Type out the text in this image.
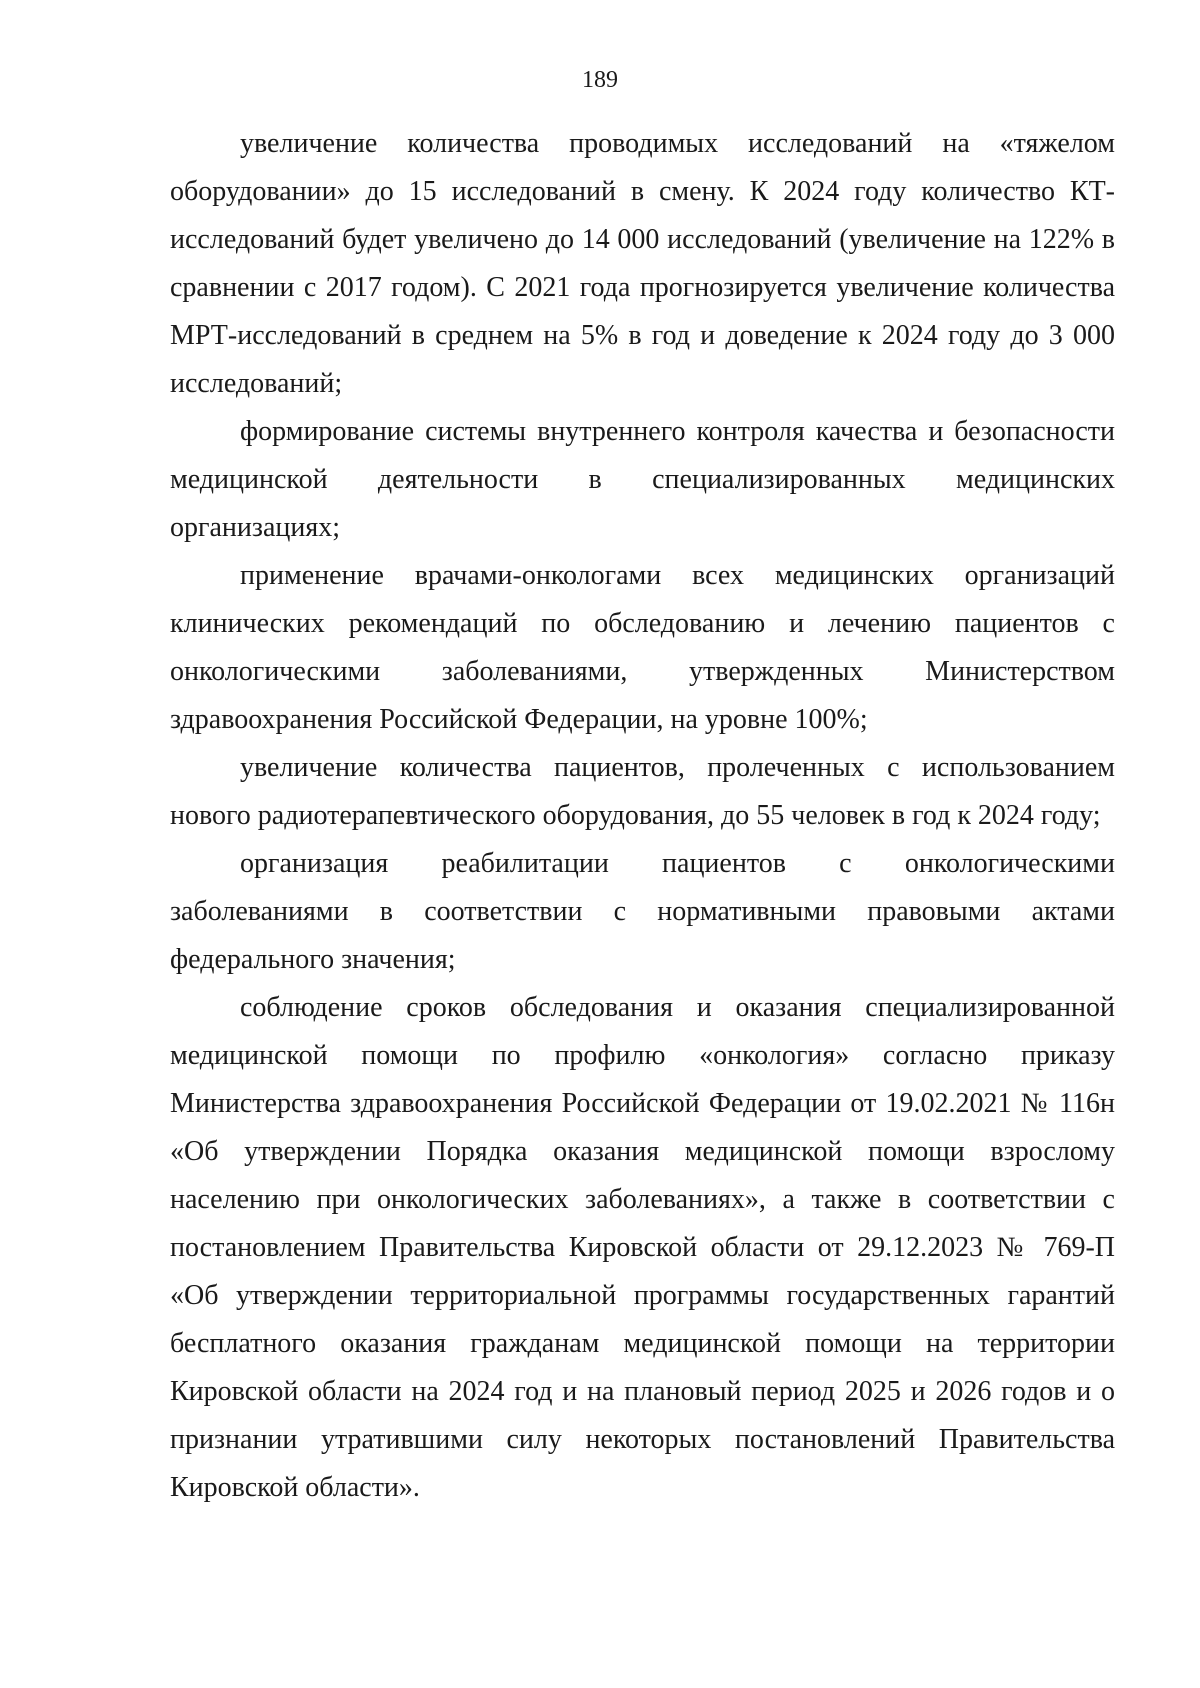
189

увеличение количества проводимых исследований на «тяжелом оборудовании» до 15 исследований в смену. К 2024 году количество КТ-исследований будет увеличено до 14 000 исследований (увеличение на 122% в сравнении с 2017 годом). С 2021 года прогнозируется увеличение количества МРТ-исследований в среднем на 5% в год и доведение к 2024 году до 3 000 исследований;

формирование системы внутреннего контроля качества и безопасности медицинской деятельности в специализированных медицинских организациях;

применение врачами-онкологами всех медицинских организаций клинических рекомендаций по обследованию и лечению пациентов с онкологическими заболеваниями, утвержденных Министерством здравоохранения Российской Федерации, на уровне 100%;

увеличение количества пациентов, пролеченных с использованием нового радиотерапевтического оборудования, до 55 человек в год к 2024 году;

организация реабилитации пациентов с онкологическими заболеваниями в соответствии с нормативными правовыми актами федерального значения;

соблюдение сроков обследования и оказания специализированной медицинской помощи по профилю «онкология» согласно приказу Министерства здравоохранения Российской Федерации от 19.02.2021 № 116н «Об утверждении Порядка оказания медицинской помощи взрослому населению при онкологических заболеваниях», а также в соответствии с постановлением Правительства Кировской области от 29.12.2023 № 769-П «Об утверждении территориальной программы государственных гарантий бесплатного оказания гражданам медицинской помощи на территории Кировской области на 2024 год и на плановый период 2025 и 2026 годов и о признании утратившими силу некоторых постановлений Правительства Кировской области».
